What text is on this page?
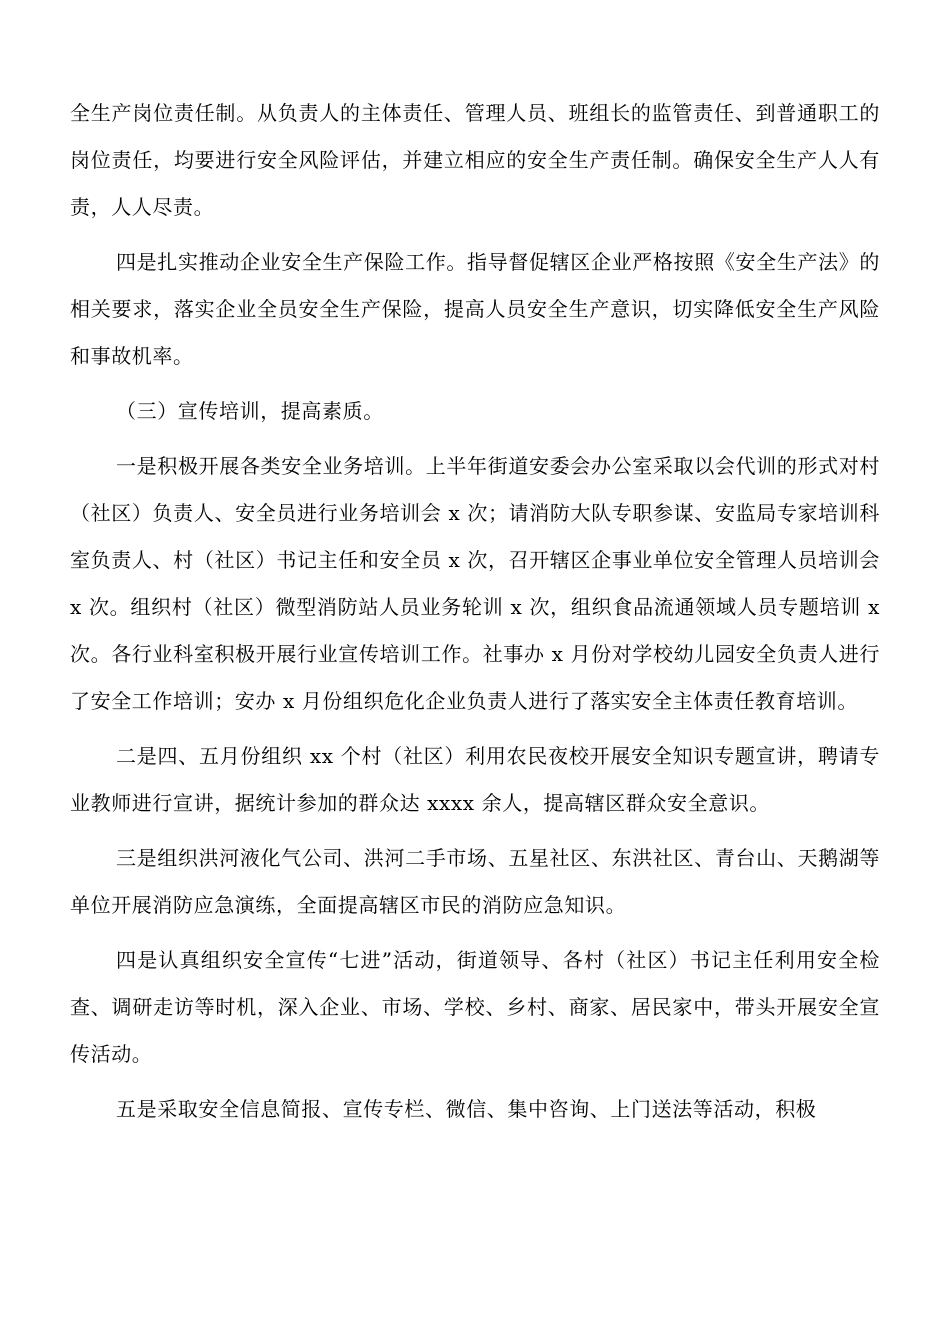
全生产岗位责任制。从负责人的主体责任、管理人员、班组长的监管责任、到普通职工的岗位责任，均要进行安全风险评估，并建立相应的安全生产责任制。确保安全生产人人有责，人人尽责。

四是扎实推动企业安全生产保险工作。指导督促辖区企业严格按照《安全生产法》的相关要求，落实企业全员安全生产保险，提高人员安全生产意识，切实降低安全生产风险和事故机率。

（三）宣传培训，提高素质。

一是积极开展各类安全业务培训。上半年街道安委会办公室采取以会代训的形式对村（社区）负责人、安全员进行业务培训会 x 次；请消防大队专职参谋、安监局专家培训科室负责人、村（社区）书记主任和安全员 x 次，召开辖区企事业单位安全管理人员培训会 x 次。组织村（社区）微型消防站人员业务轮训 x 次，组织食品流通领域人员专题培训 x 次。各行业科室积极开展行业宣传培训工作。社事办 x 月份对学校幼儿园安全负责人进行了安全工作培训；安办 x 月份组织危化企业负责人进行了落实安全主体责任教育培训。

二是四、五月份组织 xx 个村（社区）利用农民夜校开展安全知识专题宣讲，聘请专业教师进行宣讲，据统计参加的群众达 xxxx 余人，提高辖区群众安全意识。

三是组织洪河液化气公司、洪河二手市场、五星社区、东洪社区、青台山、天鹅湖等单位开展消防应急演练，全面提高辖区市民的消防应急知识。

四是认真组织安全宣传“七进”活动，街道领导、各村（社区）书记主任利用安全检查、调研走访等时机，深入企业、市场、学校、乡村、商家、居民家中，带头开展安全宣传活动。

五是采取安全信息简报、宣传专栏、微信、集中咨询、上门送法等活动，积极
